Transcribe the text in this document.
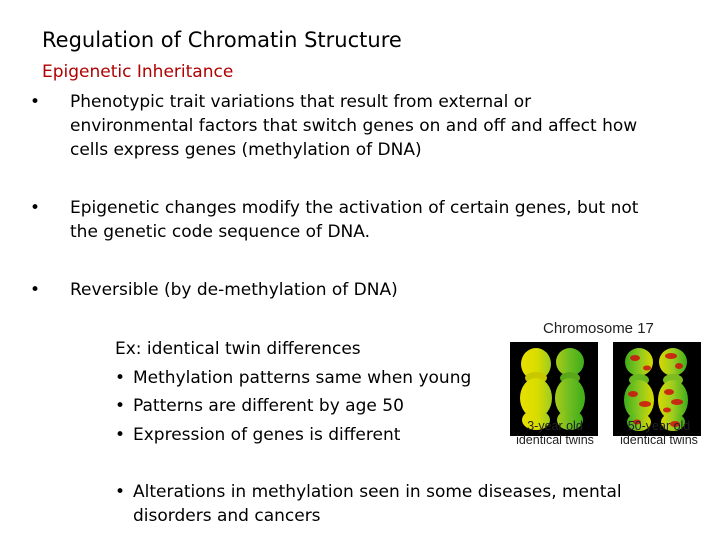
Regulation of Chromatin Structure
Epigenetic Inheritance
• Phenotypic trait variations that result from external or
environmental factors that switch genes on and off and affect how
cells express genes (methylation of DNA)
• Epigenetic changes modify the activation of certain genes, but not
the genetic code sequence of DNA.
• Reversible (by de-methylation of DNA)
Ex: identical twin differences
• Methylation patterns same when young
• Patterns are different by age 50
• Expression of genes is different
• Alterations in methylation seen in some diseases, mental
disorders and cancers
Chromosome 17
3-year old
identical twins
50-year old
identical twins
